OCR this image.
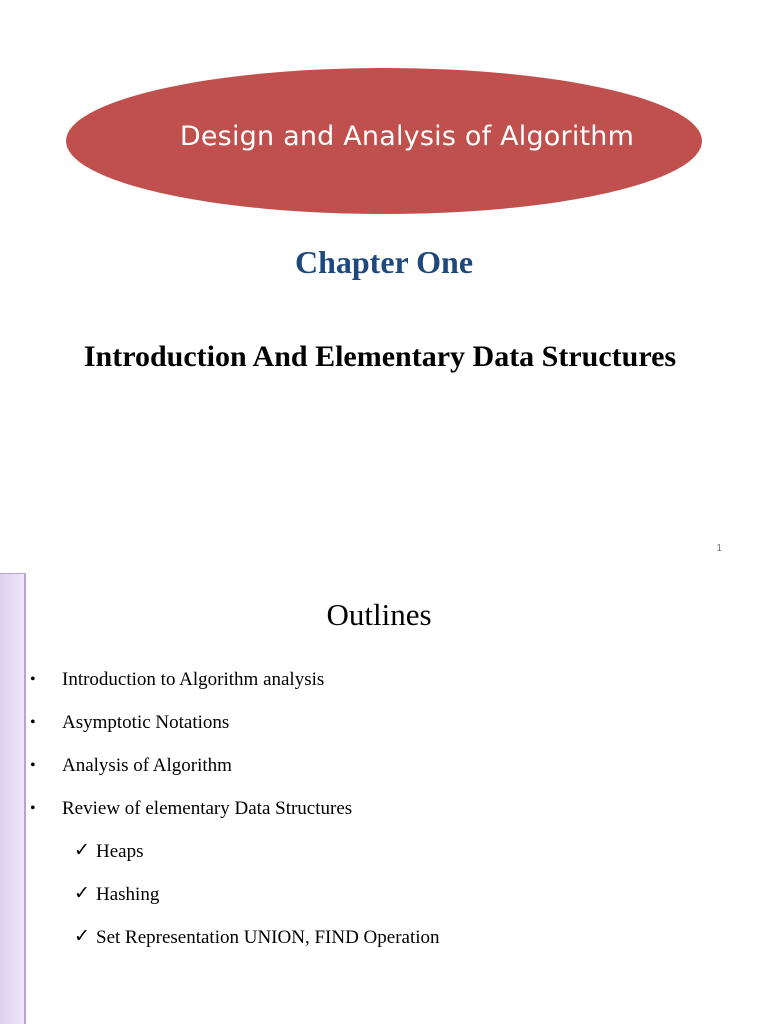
Design and Analysis of Algorithm
Chapter One
Introduction And Elementary Data Structures
1
Outlines
• Introduction to Algorithm analysis
• Asymptotic Notations
• Analysis of Algorithm
• Review of elementary Data Structures
✓ Heaps
✓ Hashing
✓ Set Representation UNION, FIND Operation
